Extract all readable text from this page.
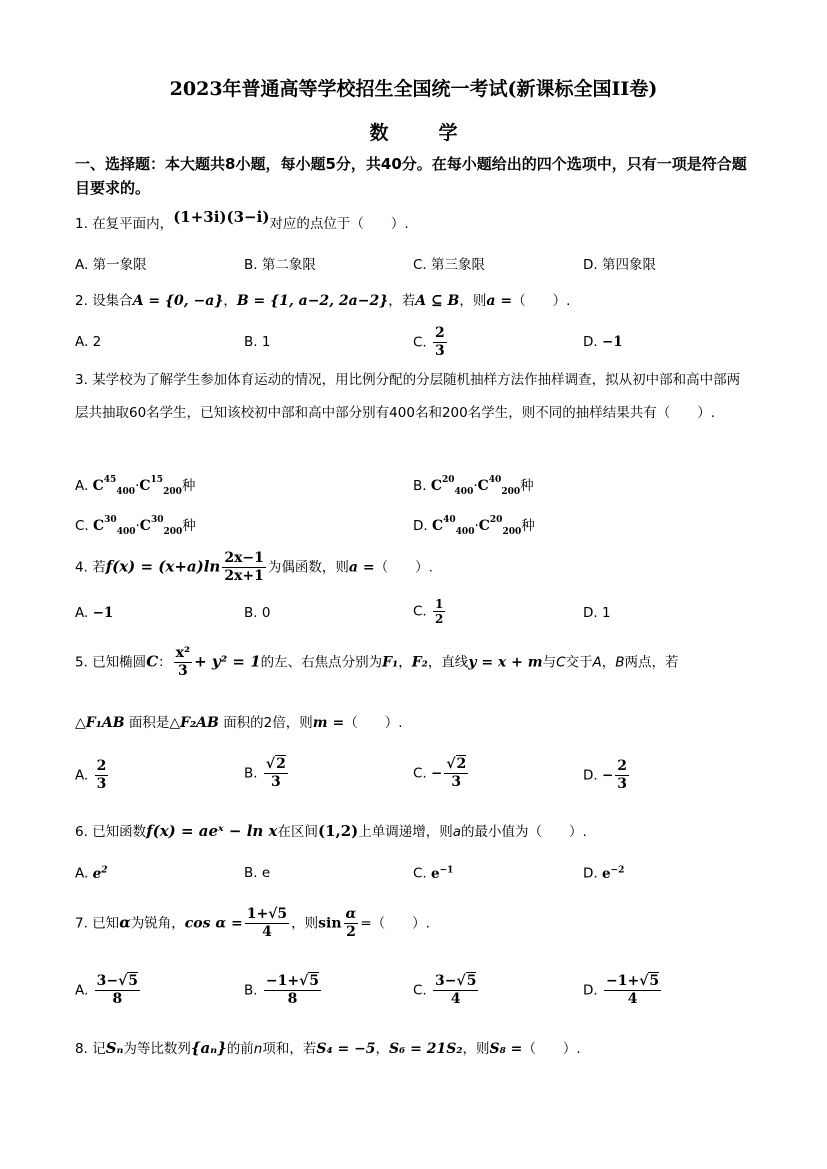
2023年普通高等学校招生全国统一考试(新课标全国II卷)
数	学
一、选择题：本大题共8小题，每小题5分，共40分。在每小题给出的四个选项中，只有一项是符合题目要求的。
1. 在复平面内，(1+3i)(3−i)对应的点位于（　　）.
A. 第一象限	B. 第二象限	C. 第三象限	D. 第四象限
2. 设集合A = {0, −a}，B = {1, a−2, 2a−2}，若A ⊆ B，则a =（　　）.
A. 2	B. 1	C. $\frac{2}{3}$	D. −1
3. 某学校为了解学生参加体育运动的情况，用比例分配的分层随机抽样方法作抽样调查，拟从初中部和高中部两层共抽取60名学生，已知该校初中部和高中部分别有400名和200名学生，则不同的抽样结果共有（　　）.
A. $C^{45}_{400}\cdot C^{15}_{200}$种	B. $C^{20}_{400}\cdot C^{40}_{200}$种
C. $C^{30}_{400}\cdot C^{30}_{200}$种	D. $C^{40}_{400}\cdot C^{20}_{200}$种
4. 若$f(x) = (x+a)\ln \frac{2x-1}{2x+1}$ 为偶函数，则a =（　　）.
A. −1	B. 0	C. $\frac{1}{2}$	D. 1
5. 已知椭圆C： $\frac{\text{x²}}{3} + y^2 = 1$的左、右焦点分别为F₁，F₂，直线y = x + m与C交于A，B两点，若
△F₁AB 面积是△F₂AB 面积的2倍，则m =（　　）.
A. $\frac{2}{3}$	B. $\frac{√2}{3}$	C. − $\frac{√2}{3}$	D. − $\frac{2}{3}$
6. 已知函数f(x) = aeˣ − ln x在区间(1,2)上单调递增，则a的最小值为（　　）.
A. $e^2$	B. e	C. $e^{-1}$	D. $e^{-2}$
7. 已知α为锐角，$\cos \alpha = \frac{1+√5}{4}$ ，则$\sin \frac{\alpha}{2}$ =（　　）.
A. $\frac{3-√5}{8}$	B. $\frac{-1+√5}{8}$	C. $\frac{3-√5}{4}$	D. $\frac{-1+√5}{4}$
8. 记Sₙ为等比数列{aₙ}的前n项和，若S₄ = −5，S₆ = 21S₂，则S₈ =（　　）.
